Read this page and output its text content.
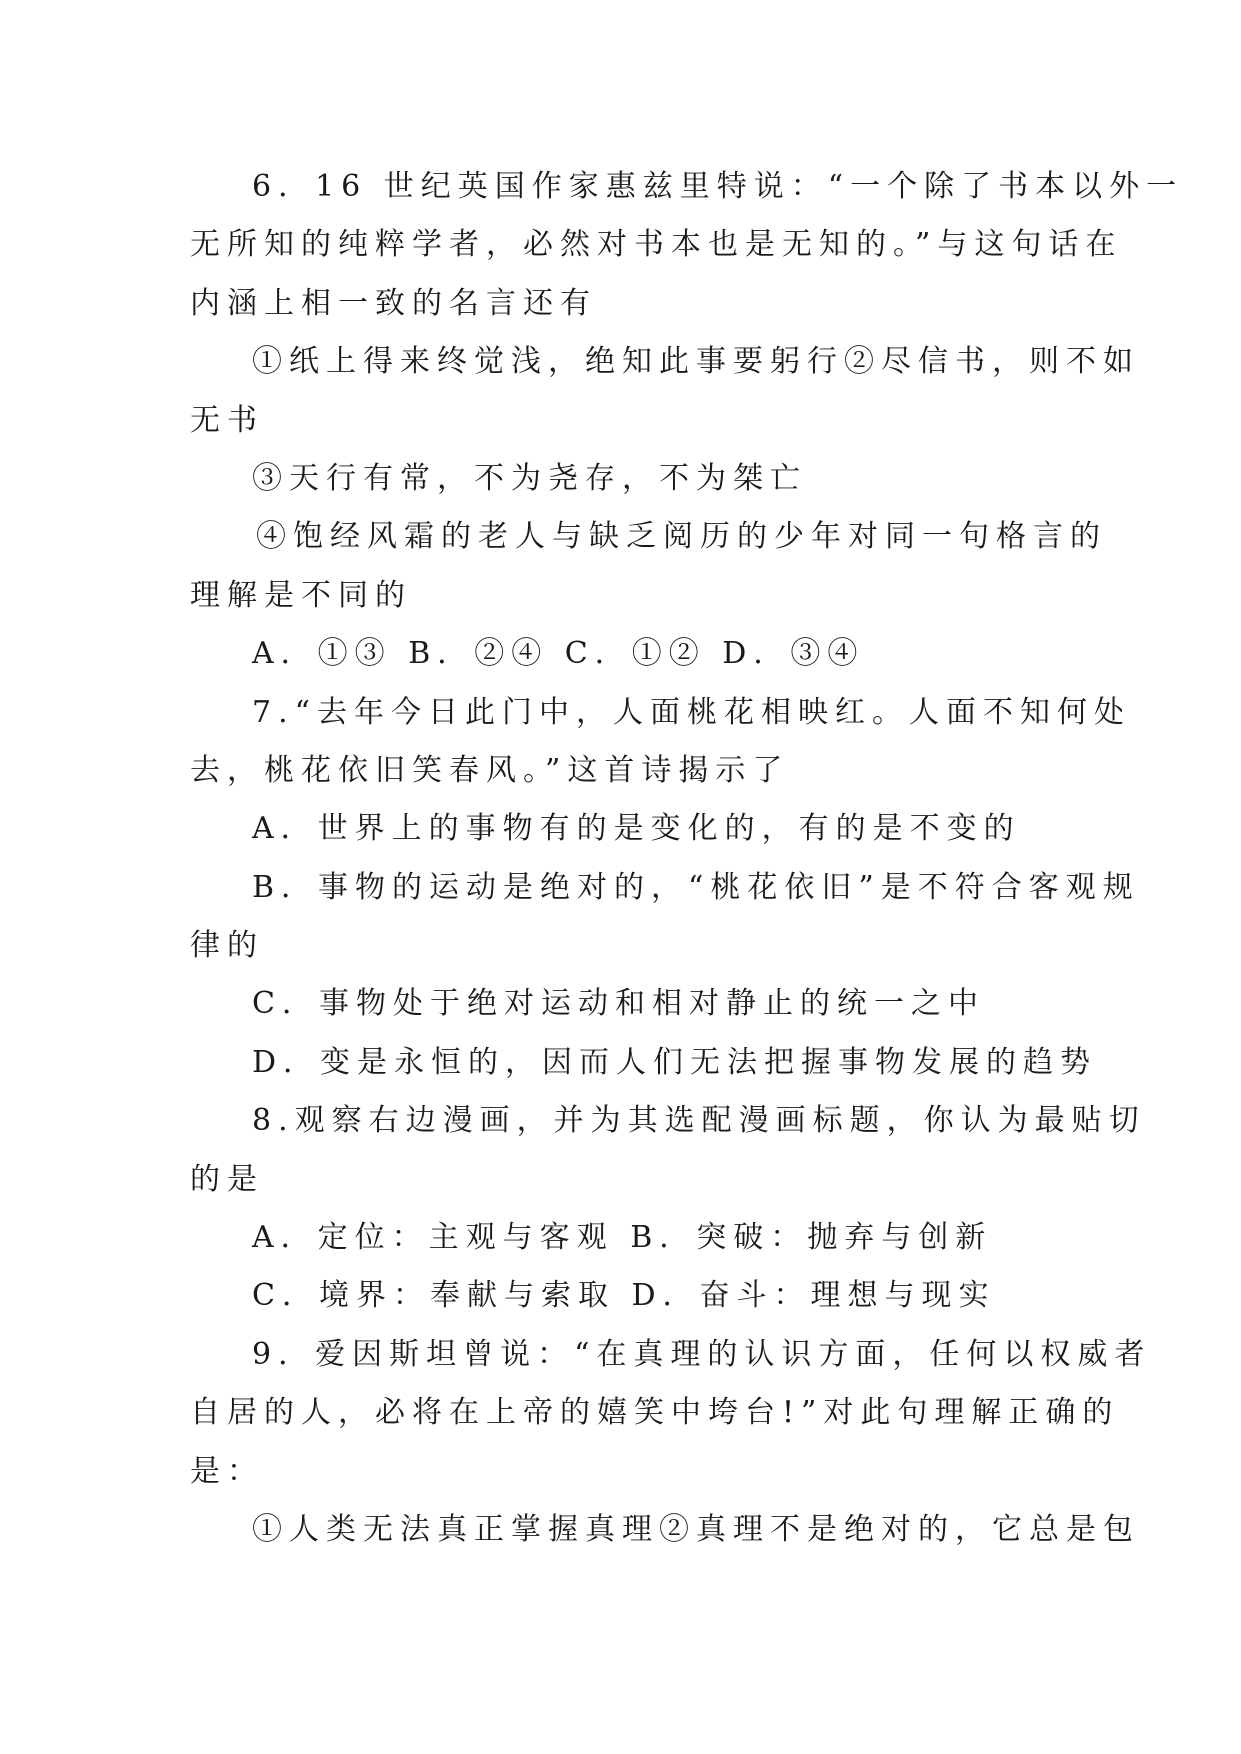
6．16 世纪英国作家惠兹里特说：“一个除了书本以外一
无所知的纯粹学者，必然对书本也是无知的。”与这句话在
内涵上相一致的名言还有
①纸上得来终觉浅，绝知此事要躬行②尽信书，则不如
无书
③天行有常，不为尧存，不为桀亡
④饱经风霜的老人与缺乏阅历的少年对同一句格言的
理解是不同的
A．①③ B．②④ C．①② D．③④
7.“去年今日此门中，人面桃花相映红。人面不知何处
去，桃花依旧笑春风。”这首诗揭示了
A．世界上的事物有的是变化的，有的是不变的
B．事物的运动是绝对的，“桃花依旧”是不符合客观规
律的
C．事物处于绝对运动和相对静止的统一之中
D．变是永恒的，因而人们无法把握事物发展的趋势
8.观察右边漫画，并为其选配漫画标题，你认为最贴切
的是
A．定位：主观与客观 B．突破：抛弃与创新
C．境界：奉献与索取 D．奋斗：理想与现实
9．爱因斯坦曾说：“在真理的认识方面，任何以权威者
自居的人，必将在上帝的嬉笑中垮台!”对此句理解正确的
是：
①人类无法真正掌握真理②真理不是绝对的，它总是包
